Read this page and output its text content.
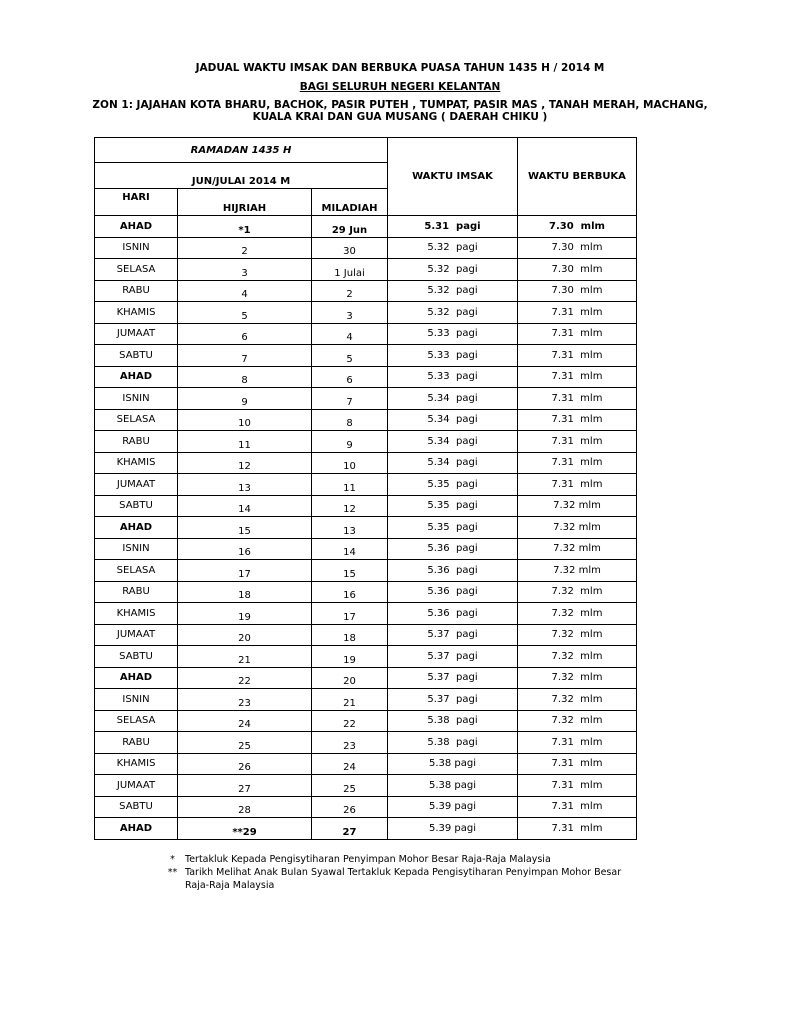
JADUAL WAKTU IMSAK DAN BERBUKA PUASA TAHUN 1435 H / 2014 M
BAGI SELURUH NEGERI KELANTAN
ZON 1: JAJAHAN KOTA BHARU, BACHOK, PASIR PUTEH , TUMPAT, PASIR MAS , TANAH MERAH, MACHANG, KUALA KRAI DAN GUA MUSANG ( DAERAH CHIKU )
RAMADAN 1435 H			WAKTU IMSAK	WAKTU BERBUKA
JUN/JULAI 2014 M				
HARI	HIJRIAH	MILADIAH		
AHAD	*1	29 Jun	5.31  pagi	7.30  mlm
ISNIN	2	30	5.32  pagi	7.30  mlm
SELASA	3	1 Julai	5.32  pagi	7.30  mlm
RABU	4	2	5.32  pagi	7.30  mlm
KHAMIS	5	3	5.32  pagi	7.31  mlm
JUMAAT	6	4	5.33  pagi	7.31  mlm
SABTU	7	5	5.33  pagi	7.31  mlm
AHAD	8	6	5.33  pagi	7.31  mlm
ISNIN	9	7	5.34  pagi	7.31  mlm
SELASA	10	8	5.34  pagi	7.31  mlm
RABU	11	9	5.34  pagi	7.31  mlm
KHAMIS	12	10	5.34  pagi	7.31  mlm
JUMAAT	13	11	5.35  pagi	7.31  mlm
SABTU	14	12	5.35  pagi	7.32 mlm
AHAD	15	13	5.35  pagi	7.32 mlm
ISNIN	16	14	5.36  pagi	7.32 mlm
SELASA	17	15	5.36  pagi	7.32 mlm
RABU	18	16	5.36  pagi	7.32  mlm
KHAMIS	19	17	5.36  pagi	7.32  mlm
JUMAAT	20	18	5.37  pagi	7.32  mlm
SABTU	21	19	5.37  pagi	7.32  mlm
AHAD	22	20	5.37  pagi	7.32  mlm
ISNIN	23	21	5.37  pagi	7.32  mlm
SELASA	24	22	5.38  pagi	7.32  mlm
RABU	25	23	5.38  pagi	7.31  mlm
KHAMIS	26	24	5.38 pagi	7.31  mlm
JUMAAT	27	25	5.38 pagi	7.31  mlm
SABTU	28	26	5.39 pagi	7.31  mlm
AHAD	**29	27	5.39 pagi	7.31  mlm
*	Tertakluk Kepada Pengisytiharan Penyimpan Mohor Besar Raja-Raja Malaysia
** Tarikh Melihat Anak Bulan Syawal Tertakluk Kepada Pengisytiharan Penyimpan Mohor Besar Raja-Raja Malaysia
